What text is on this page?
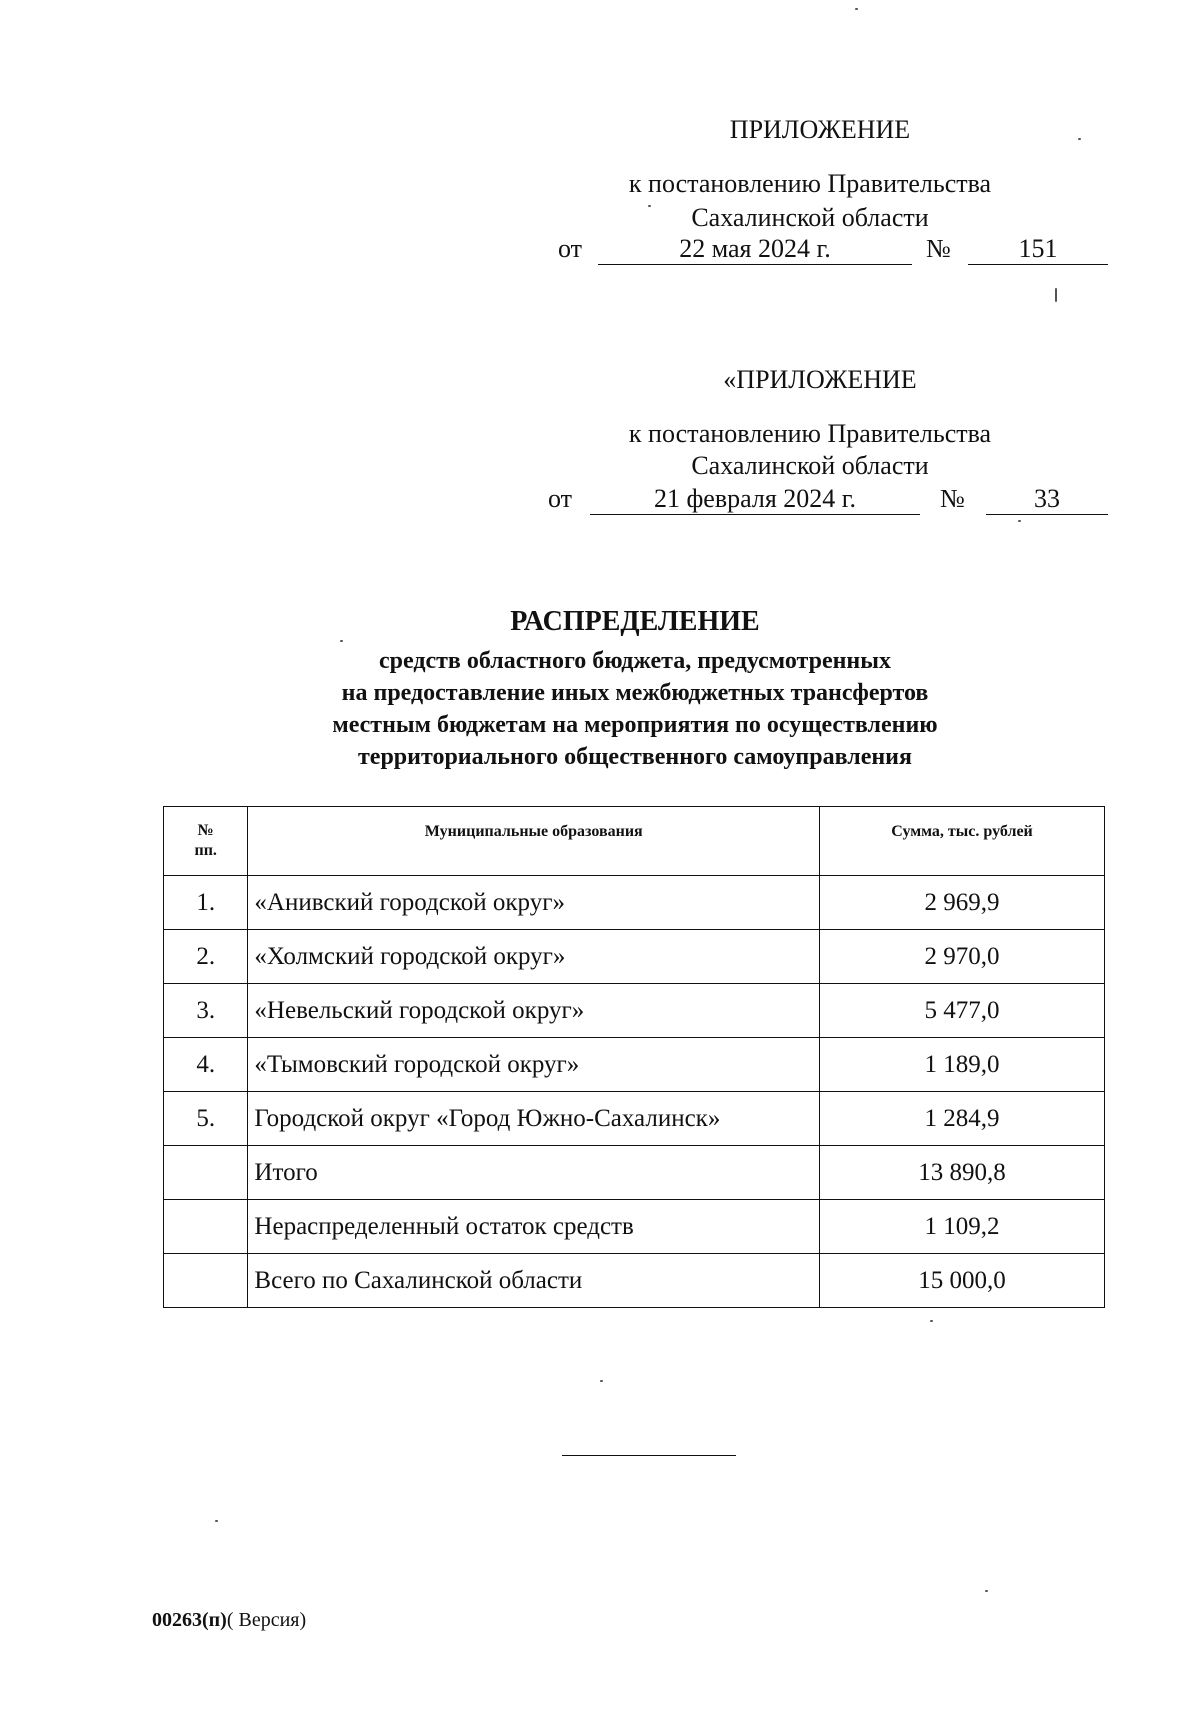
ПРИЛОЖЕНИЕ
к постановлению Правительства
Сахалинской области
от	22 мая 2024 г.	№	151
«ПРИЛОЖЕНИЕ
к постановлению Правительства
Сахалинской области
от	21 февраля 2024 г.	№	33
РАСПРЕДЕЛЕНИЕ
средств областного бюджета, предусмотренных
на предоставление иных межбюджетных трансфертов
местным бюджетам на мероприятия по осуществлению
территориального общественного самоуправления
№
пп.	Муниципальные образования	Сумма, тыс. рублей

1.	«Анивский городской округ»	2 969,9
2.	«Холмский городской округ»	2 970,0
3.	«Невельский городской округ»	5 477,0
4.	«Тымовский городской округ»	1 189,0
5.	Городской округ «Город Южно-Сахалинск»	1 284,9
	Итого	13 890,8
	Нераспределенный остаток средств	1 109,2
	Всего по Сахалинской области	15 000,0
00263(п)( Версия)
